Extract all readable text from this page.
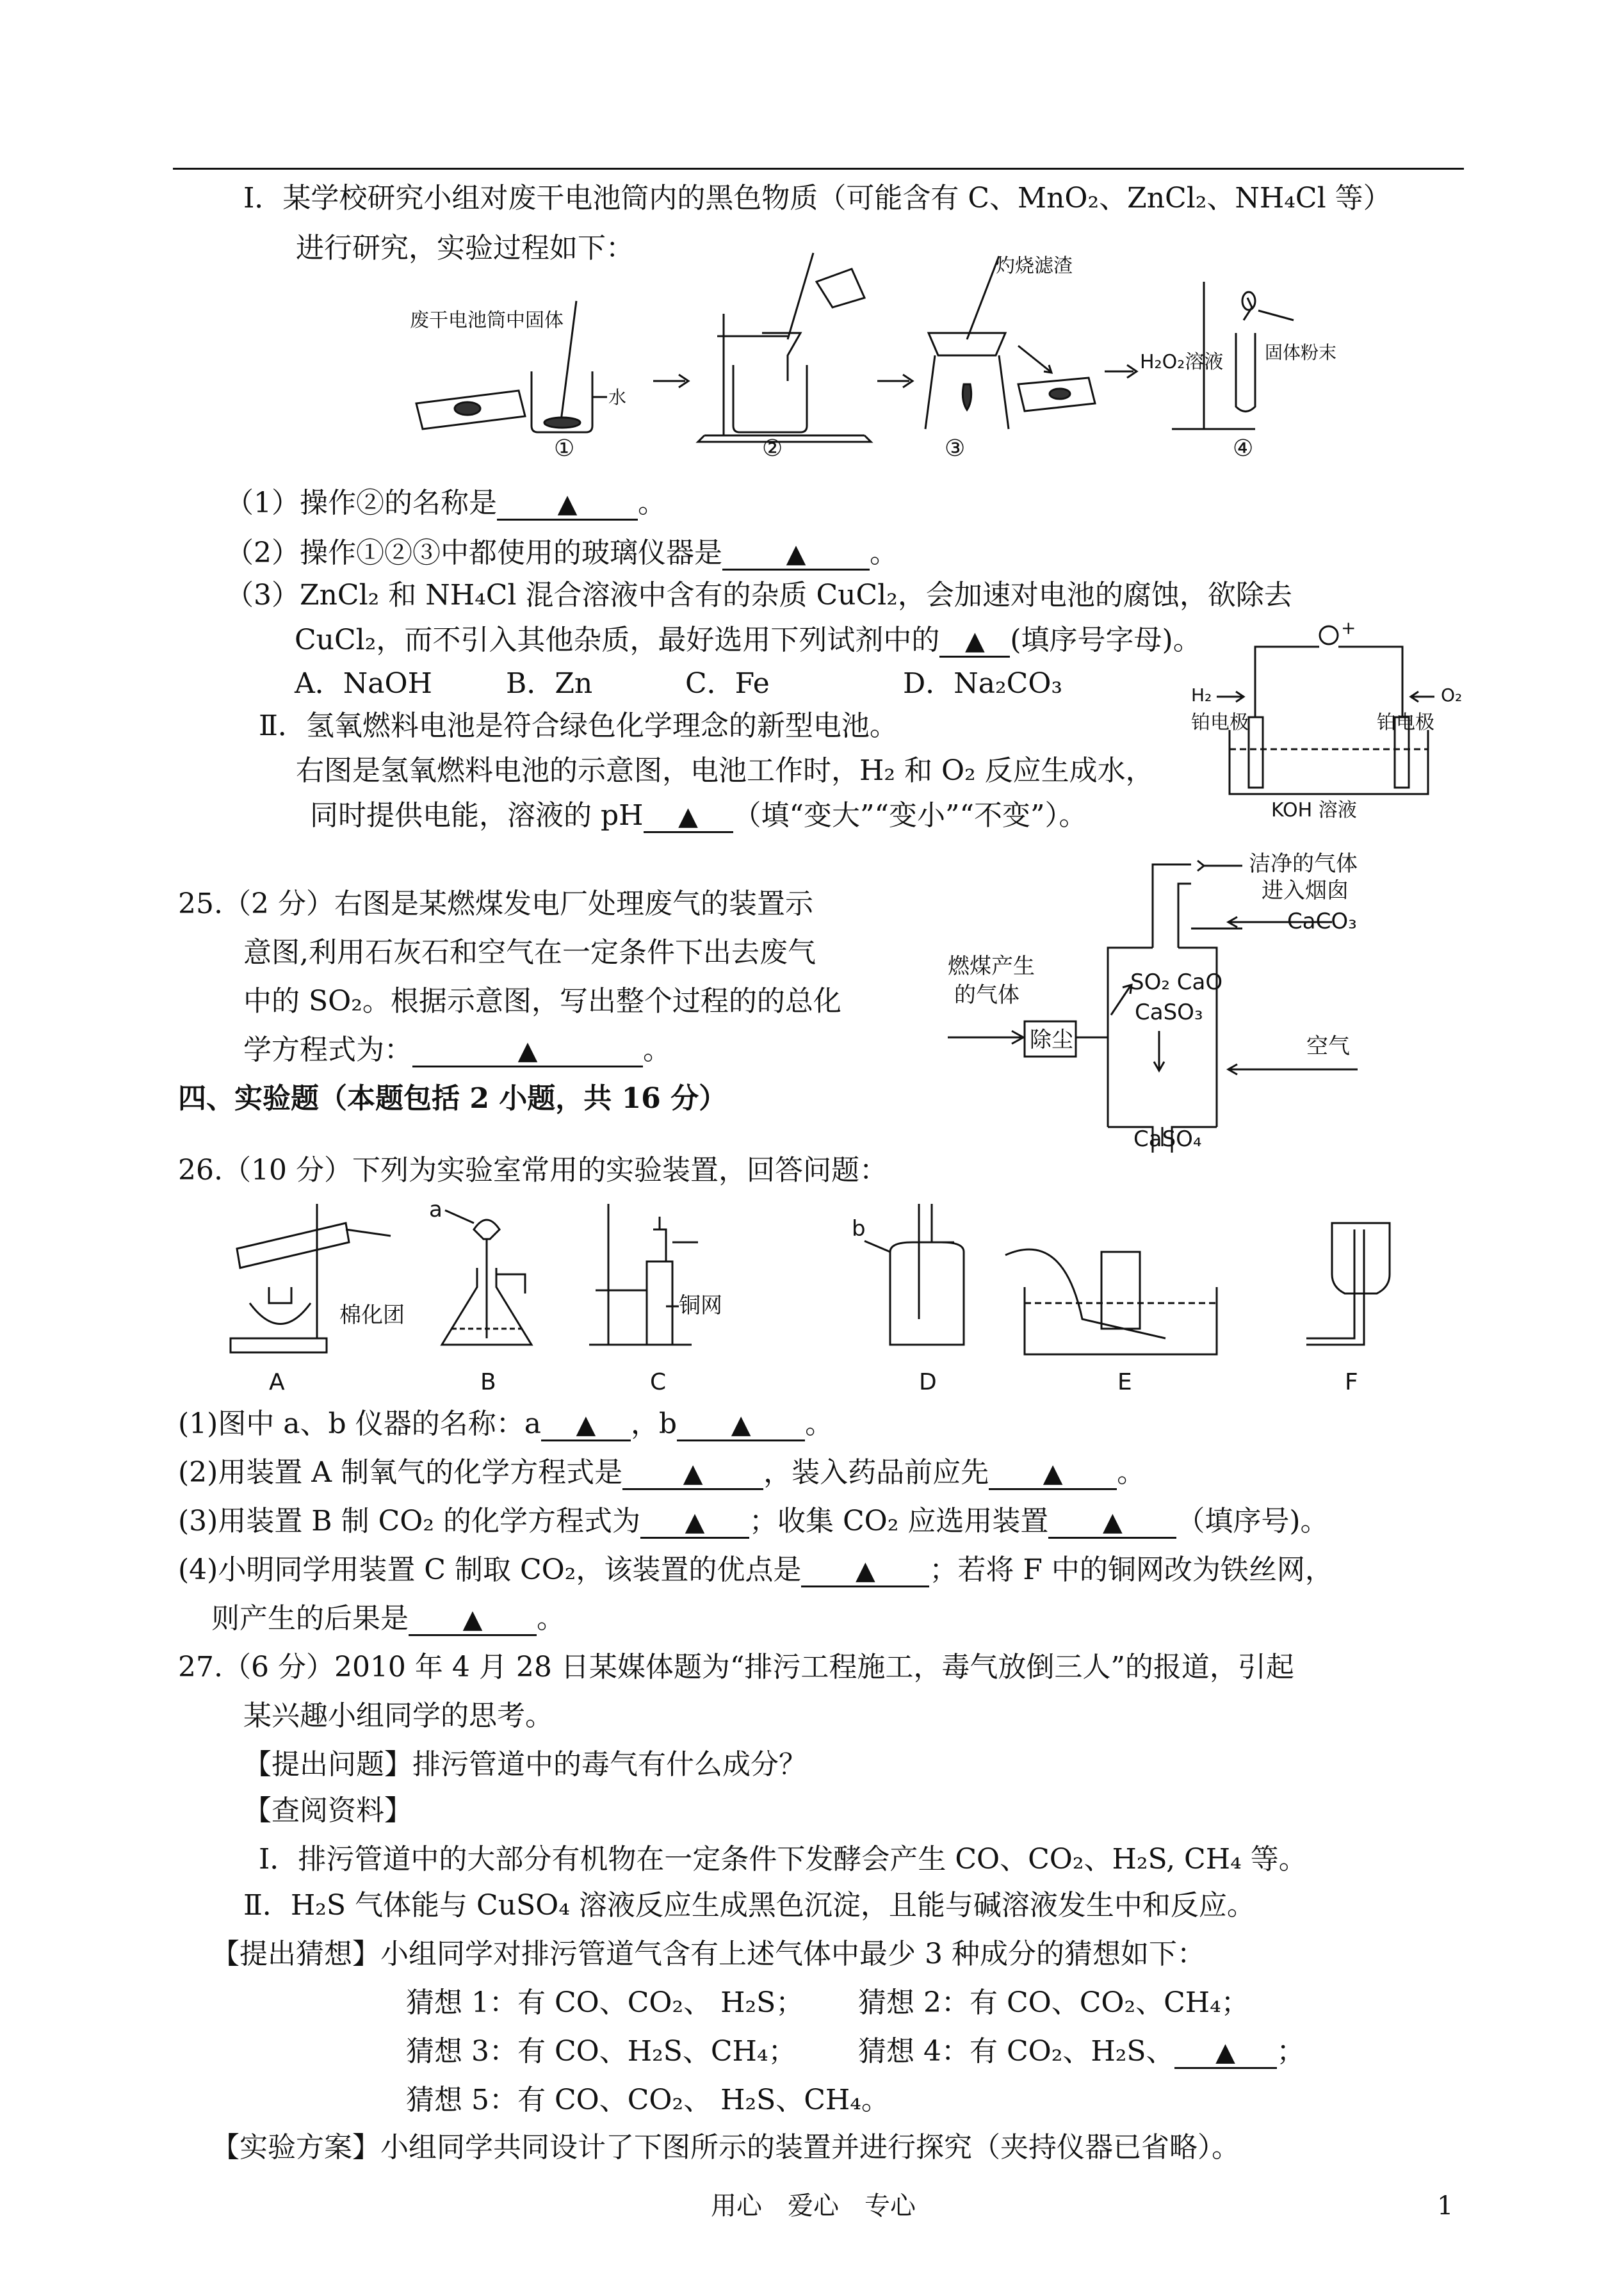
Ⅰ．某学校研究小组对废干电池筒内的黑色物质（可能含有 C、MnO₂、ZnCl₂、NH₄Cl 等）
进行研究，实验过程如下：
废干电池筒中固体
水
①	②
灼烧滤渣
③
H₂O₂溶液 固体粉末
④
（1）操作②的名称是 ▲ 。
（2）操作①②③中都使用的玻璃仪器是 ▲ 。
（3）ZnCl₂ 和 NH₄Cl 混合溶液中含有的杂质 CuCl₂，会加速对电池的腐蚀，欲除去
CuCl₂，而不引入其他杂质，最好选用下列试剂中的 ▲ (填序号字母)。
A．NaOH	B．Zn	C．Fe	D．Na₂CO₃
Ⅱ．氢氧燃料电池是符合绿色化学理念的新型电池。
右图是氢氧燃料电池的示意图，电池工作时，H₂ 和 O₂ 反应生成水，
同时提供电能，溶液的 pH ▲ （填“变大”“变小”“不变”）。
+
H₂	O₂
铂电极	铂电极
KOH 溶液
25.（2 分）右图是某燃煤发电厂处理废气的装置示
意图,利用石灰石和空气在一定条件下出去废气
中的 SO₂。根据示意图，写出整个过程的的总化
学方程式为：	▲	。
洁净的气体
进入烟囱
CaCO₃
燃煤产生
的气体
除尘
SO₂ CaO
CaSO₃
空气
CaSO₄
四、实验题（本题包括 2 小题，共 16 分）
26.（10 分）下列为实验室常用的实验装置，回答问题：
棉化团
A
a
B
铜网
C
b
D	E	F
(1)图中 a、b 仪器的名称：a ▲ ，b ▲ 。
(2)用装置 A 制氧气的化学方程式是 ▲ ，装入药品前应先 ▲ 。
(3)用装置 B 制 CO₂ 的化学方程式为 ▲ ；收集 CO₂ 应选用装置 ▲ （填序号)。
(4)小明同学用装置 C 制取 CO₂，该装置的优点是 ▲ ；若将 F 中的铜网改为铁丝网，
则产生的后果是 ▲ 。
27.（6 分）2010 年 4 月 28 日某媒体题为“排污工程施工，毒气放倒三人”的报道，引起
某兴趣小组同学的思考。
【提出问题】排污管道中的毒气有什么成分？
【查阅资料】
Ⅰ．排污管道中的大部分有机物在一定条件下发酵会产生 CO、CO₂、H₂S, CH₄ 等。
Ⅱ．H₂S 气体能与 CuSO₄ 溶液反应生成黑色沉淀，且能与碱溶液发生中和反应。
【提出猜想】小组同学对排污管道气含有上述气体中最少 3 种成分的猜想如下：
猜想 1：有 CO、CO₂、 H₂S； 猜想 2：有 CO、CO₂、CH₄；
猜想 3：有 CO、H₂S、CH₄； 猜想 4：有 CO₂、H₂S、 ▲ ；
猜想 5：有 CO、CO₂、 H₂S、CH₄。
【实验方案】小组同学共同设计了下图所示的装置并进行探究（夹持仪器已省略）。
用心　爱心　专心	1
